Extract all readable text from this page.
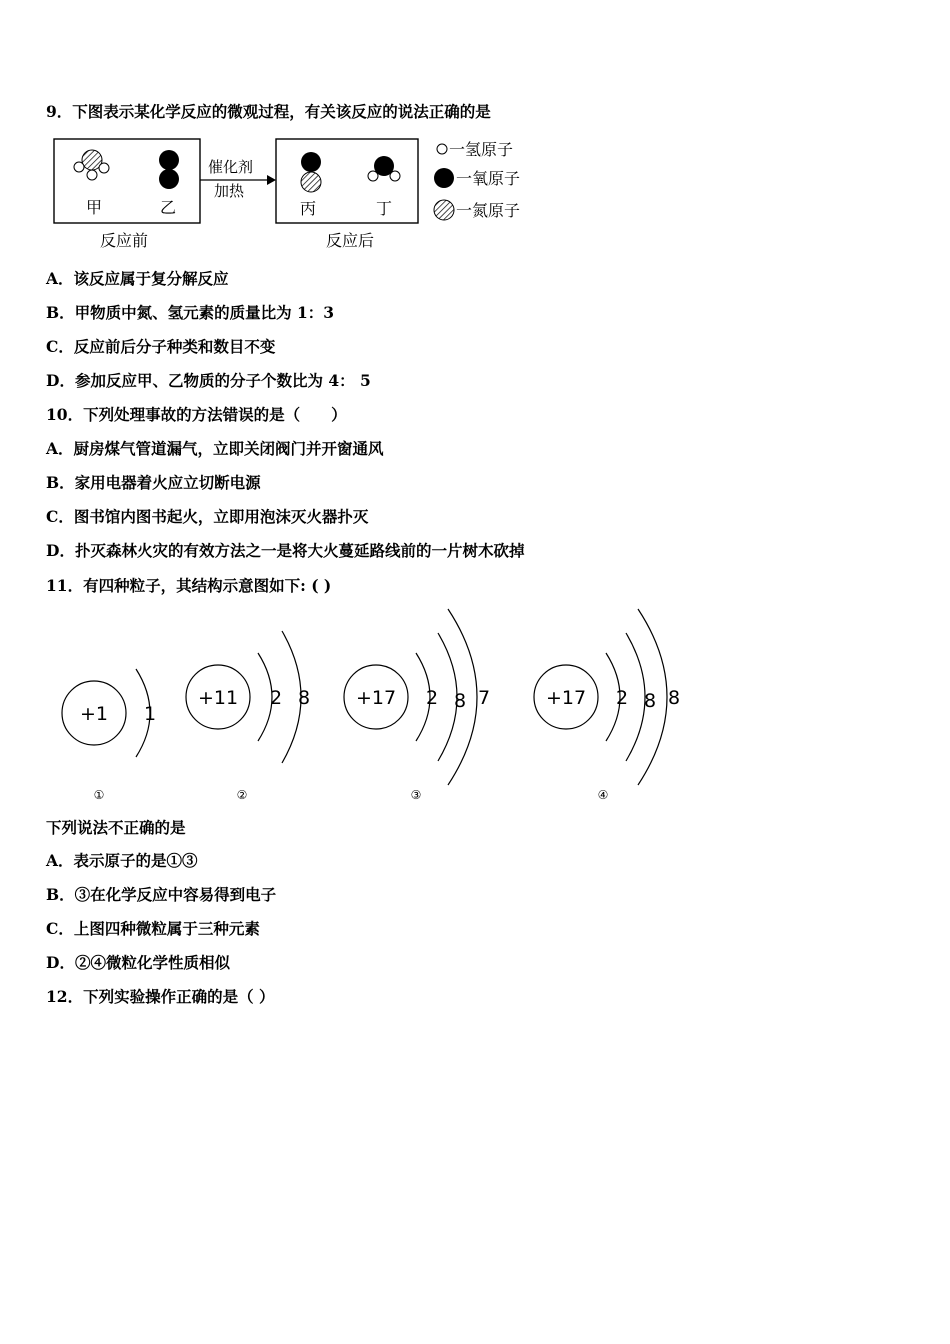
9．下图表示某化学反应的微观过程，有关该反应的说法正确的是
甲	乙
催化剂
加热
丙	丁
反应前	反应后
一氢原子
一氧原子
一氮原子
A．该反应属于复分解反应
B．甲物质中氮、氢元素的质量比为 1：3
C．反应前后分子种类和数目不变
D．参加反应甲、乙物质的分子个数比为 4： 5
10．下列处理事故的方法错误的是（　　）
A．厨房煤气管道漏气，立即关闭阀门并开窗通风
B．家用电器着火应立切断电源
C．图书馆内图书起火，立即用泡沫灭火器扑灭
D．扑灭森林火灾的有效方法之一是将大火蔓延路线前的一片树木砍掉
11．有四种粒子，其结构示意图如下: ( )
+1 1
①
+11 2 8
②
+17 2 8 7
③
+17 2 8 8
④
下列说法不正确的是
A．表示原子的是①③
B．③在化学反应中容易得到电子
C．上图四种微粒属于三种元素
D．②④微粒化学性质相似
12．下列实验操作正确的是（ ）
